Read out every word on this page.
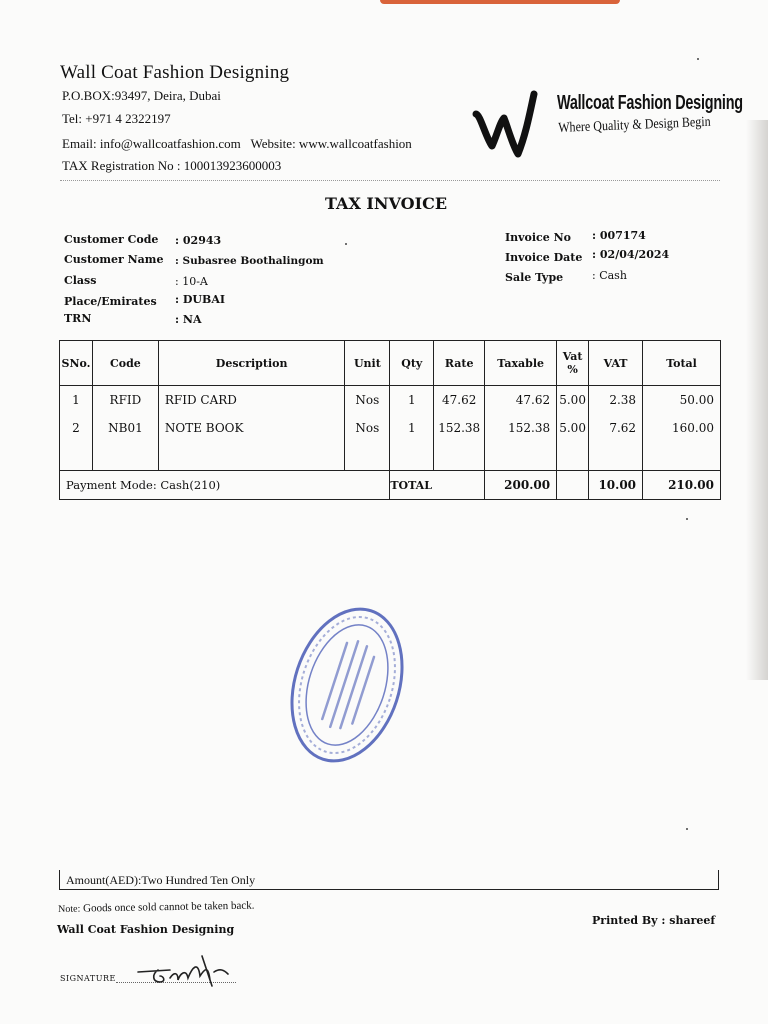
Wall Coat Fashion Designing
P.O.BOX:93497, Deira, Dubai
Tel: +971 4 2322197
Email: info@wallcoatfashion.com Website: www.wallcoatfashion
TAX Registration No : 100013923600003
Wallcoat Fashion Designing
Where Quality & Design Begin
TAX INVOICE
Customer Code : 02943
Customer Name : Subasree Boothalingom
Class	: 10-A
Place/Emirates : DUBAI
TRN	: NA
Invoice No : 007174
Invoice Date : 02/04/2024
Sale Type	: Cash
SNo.	Code	Description	Unit	Qty	Rate	Taxable	Vat %	VAT	Total
1	RFID	RFID CARD	Nos	1	47.62	47.62	5.00	2.38	50.00
2	NB01	NOTE BOOK	Nos	1	152.38	152.38	5.00	7.62	160.00

Payment Mode: Cash(210)				TOTAL		200.00		10.00	210.00
Amount(AED):Two Hundred Ten Only
Note: Goods once sold cannot be taken back.
Wall Coat Fashion Designing
Printed By : shareef
SIGNATURE
